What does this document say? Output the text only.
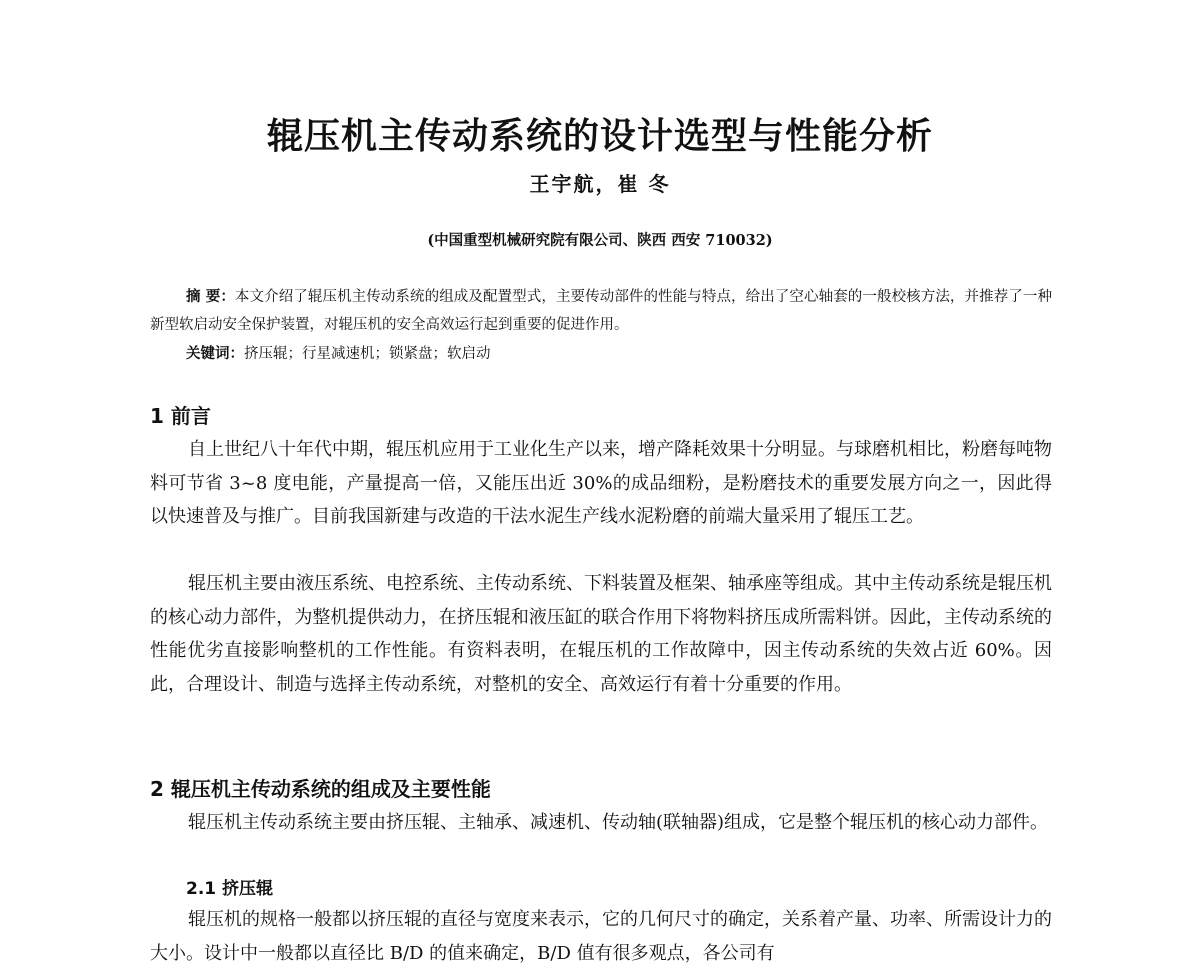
辊压机主传动系统的设计选型与性能分析
王宇航，崔 冬
(中国重型机械研究院有限公司、陕西 西安 710032)

摘 要：本文介绍了辊压机主传动系统的组成及配置型式，主要传动部件的性能与特点，给出了空心轴套的一般校核方法，并推荐了一种新型软启动安全保护装置，对辊压机的安全高效运行起到重要的促进作用。

关键词：挤压辊；行星减速机；锁紧盘；软启动
1 前言

自上世纪八十年代中期，辊压机应用于工业化生产以来，增产降耗效果十分明显。与球磨机相比，粉磨每吨物料可节省 3~8 度电能，产量提高一倍，又能压出近 30%的成品细粉，是粉磨技术的重要发展方向之一，因此得以快速普及与推广。目前我国新建与改造的干法水泥生产线水泥粉磨的前端大量采用了辊压工艺。

辊压机主要由液压系统、电控系统、主传动系统、下料装置及框架、轴承座等组成。其中主传动系统是辊压机的核心动力部件，为整机提供动力，在挤压辊和液压缸的联合作用下将物料挤压成所需料饼。因此，主传动系统的性能优劣直接影响整机的工作性能。有资料表明，在辊压机的工作故障中，因主传动系统的失效占近 60%。因此，合理设计、制造与选择主传动系统，对整机的安全、高效运行有着十分重要的作用。

2 辊压机主传动系统的组成及主要性能

辊压机主传动系统主要由挤压辊、主轴承、减速机、传动轴(联轴器)组成，它是整个辊压机的核心动力部件。

2.1 挤压辊

辊压机的规格一般都以挤压辊的直径与宽度来表示，它的几何尺寸的确定，关系着产量、功率、所需设计力的大小。设计中一般都以直径比 B/D 的值来确定，B/D 值有很多观点，各公司有
